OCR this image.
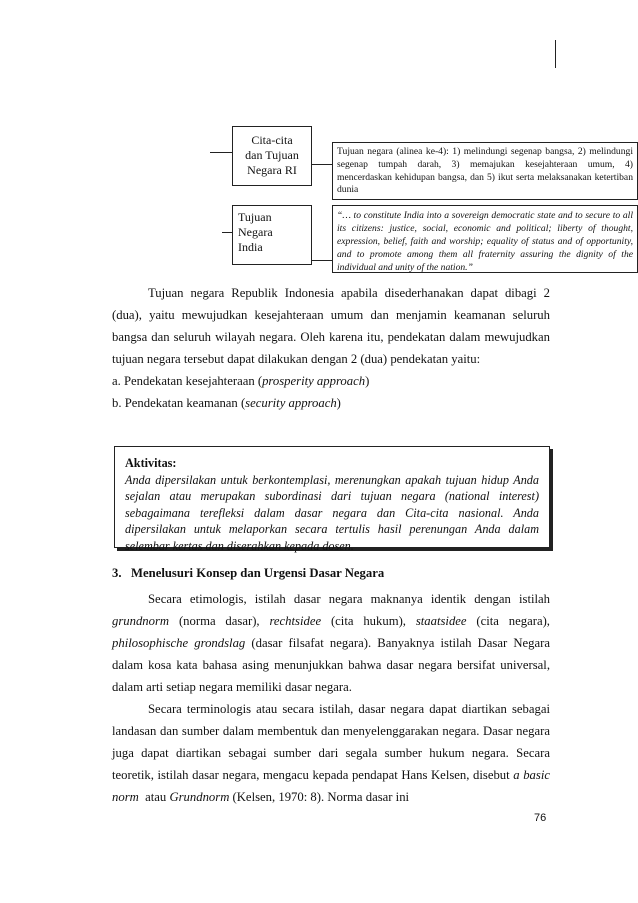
Cita-cita
dan Tujuan
Negara RI
Tujuan negara (alinea ke-4): 1) melindungi segenap bangsa, 2) melindungi segenap tumpah darah, 3) memajukan kesejahteraan umum, 4) mencerdaskan kehidupan bangsa, dan 5) ikut serta melaksanakan ketertiban dunia
Tujuan
Negara
India
“… to constitute India into a sovereign democratic state and to secure to all its citizens: justice, social, economic and political; liberty of thought, expression, belief, faith and worship; equality of status and of opportunity, and to promote among them all fraternity assuring the dignity of the individual and unity of the nation.”

Tujuan negara Republik Indonesia apabila disederhanakan dapat dibagi 2 (dua), yaitu mewujudkan kesejahteraan umum dan menjamin keamanan seluruh bangsa dan seluruh wilayah negara. Oleh karena itu, pendekatan dalam mewujudkan tujuan negara tersebut dapat dilakukan dengan 2 (dua) pendekatan yaitu:

a. Pendekatan kesejahteraan (prosperity approach)

b. Pendekatan keamanan (security approach)

Aktivitas:
Anda dipersilakan untuk berkontemplasi, merenungkan apakah tujuan hidup Anda sejalan atau merupakan subordinasi dari tujuan negara (national interest) sebagaimana terefleksi dalam dasar negara dan Cita-cita nasional. Anda dipersilakan untuk melaporkan secara tertulis hasil perenungan Anda dalam selembar kertas dan diserahkan kepada dosen.
3.   Menelusuri Konsep dan Urgensi Dasar Negara

Secara etimologis, istilah dasar negara maknanya identik dengan istilah grundnorm (norma dasar), rechtsidee (cita hukum), staatsidee (cita negara), philosophische grondslag (dasar filsafat negara). Banyaknya istilah Dasar Negara dalam kosa kata bahasa asing menunjukkan bahwa dasar negara bersifat universal, dalam arti setiap negara memiliki dasar negara.

Secara terminologis atau secara istilah, dasar negara dapat diartikan sebagai landasan dan sumber dalam membentuk dan menyelenggarakan negara. Dasar negara juga dapat diartikan sebagai sumber dari segala sumber hukum negara. Secara teoretik, istilah dasar negara, mengacu kepada pendapat Hans Kelsen, disebut a basic norm  atau Grundnorm (Kelsen, 1970: 8). Norma dasar ini

76
